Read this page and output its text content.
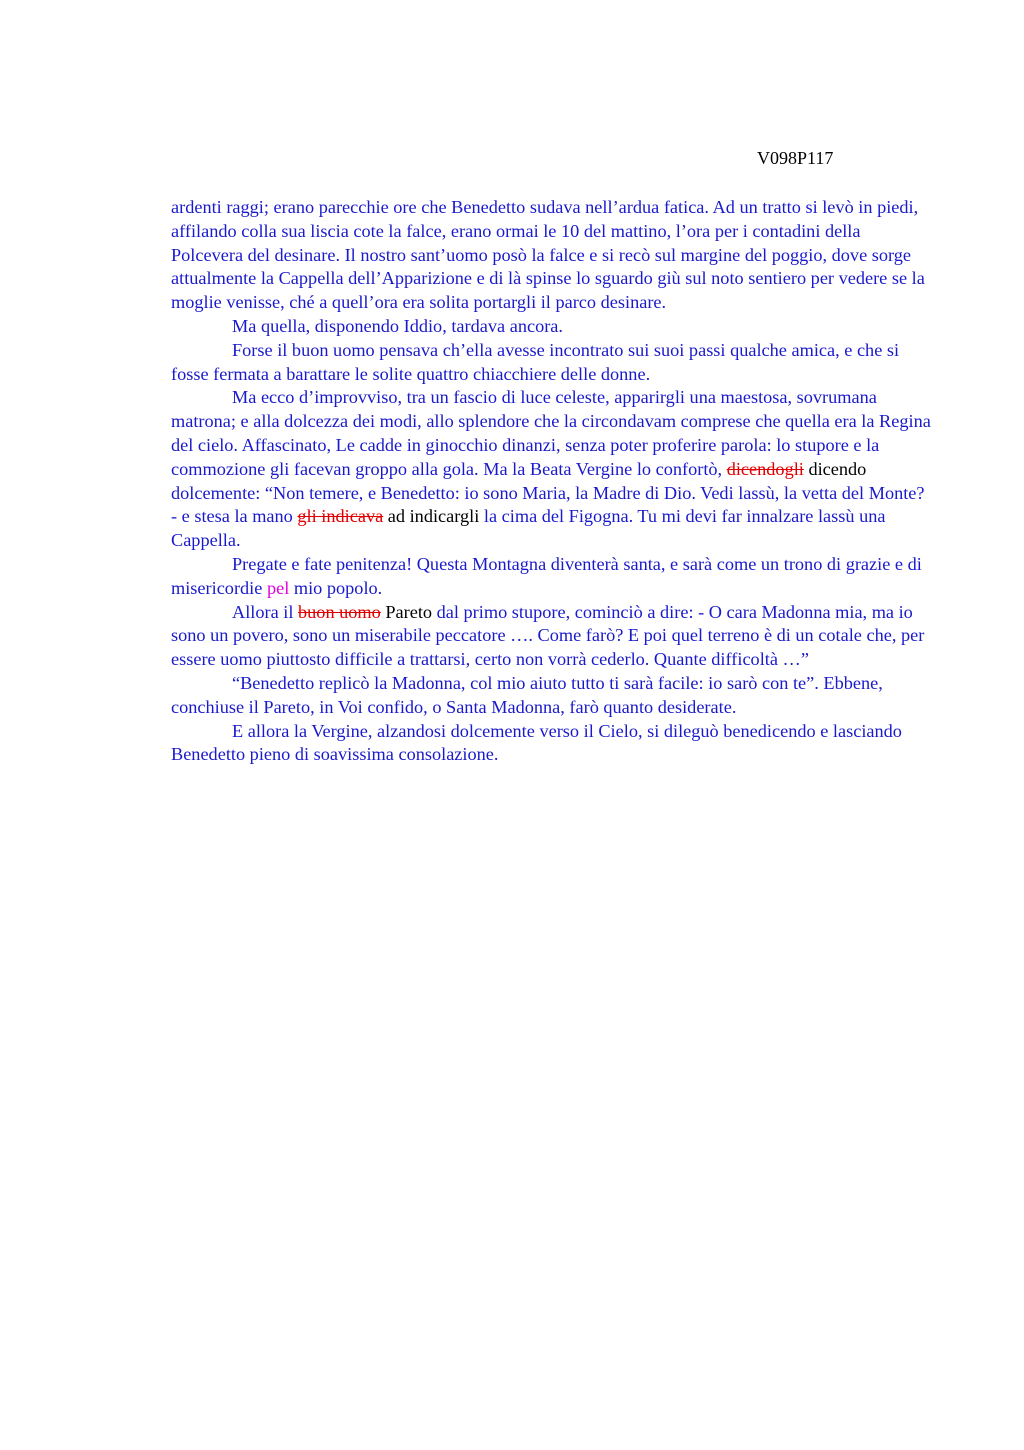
V098P117

ardenti raggi; erano parecchie ore che Benedetto sudava nell’ardua fatica. Ad un tratto si levò in piedi, affilando colla sua liscia cote la falce, erano ormai le 10 del mattino, l’ora per i contadini della Polcevera del desinare. Il nostro sant’uomo posò la falce e si recò sul margine del poggio, dove sorge attualmente la Cappella dell’Apparizione e di là spinse lo sguardo giù sul noto sentiero per vedere se la moglie venisse, ché a quell’ora era solita portargli il parco desinare.

Ma quella, disponendo Iddio, tardava ancora.

Forse il buon uomo pensava ch’ella avesse incontrato sui suoi passi qualche amica, e che si fosse fermata a barattare le solite quattro chiacchiere delle donne.

Ma ecco d’improvviso, tra un fascio di luce celeste, apparirgli una maestosa, sovrumana matrona; e alla dolcezza dei modi, allo splendore che la circondavam comprese che quella era la Regina del cielo. Affascinato, Le cadde in ginocchio dinanzi, senza poter proferire parola: lo stupore e la commozione gli facevan groppo alla gola. Ma la Beata Vergine lo confortò, dicendogli dicendo dolcemente: “Non temere, e Benedetto: io sono Maria, la Madre di Dio. Vedi lassù, la vetta del Monte? - e stesa la mano gli indicava ad indicargli la cima del Figogna. Tu mi devi far innalzare lassù una Cappella.

Pregate e fate penitenza! Questa Montagna diventerà santa, e sarà come un trono di grazie e di misericordie pel mio popolo.

Allora il buon uomo Pareto dal primo stupore, cominciò a dire: - O cara Madonna mia, ma io sono un povero, sono un miserabile peccatore …. Come farò? E poi quel terreno è di un cotale che, per essere uomo piuttosto difficile a trattarsi, certo non vorrà cederlo. Quante difficoltà …”

“Benedetto replicò la Madonna, col mio aiuto tutto ti sarà facile: io sarò con te”. Ebbene, conchiuse il Pareto, in Voi confido, o Santa Madonna, farò quanto desiderate.

E allora la Vergine, alzandosi dolcemente verso il Cielo, si dileguò benedicendo e lasciando Benedetto pieno di soavissima consolazione.
